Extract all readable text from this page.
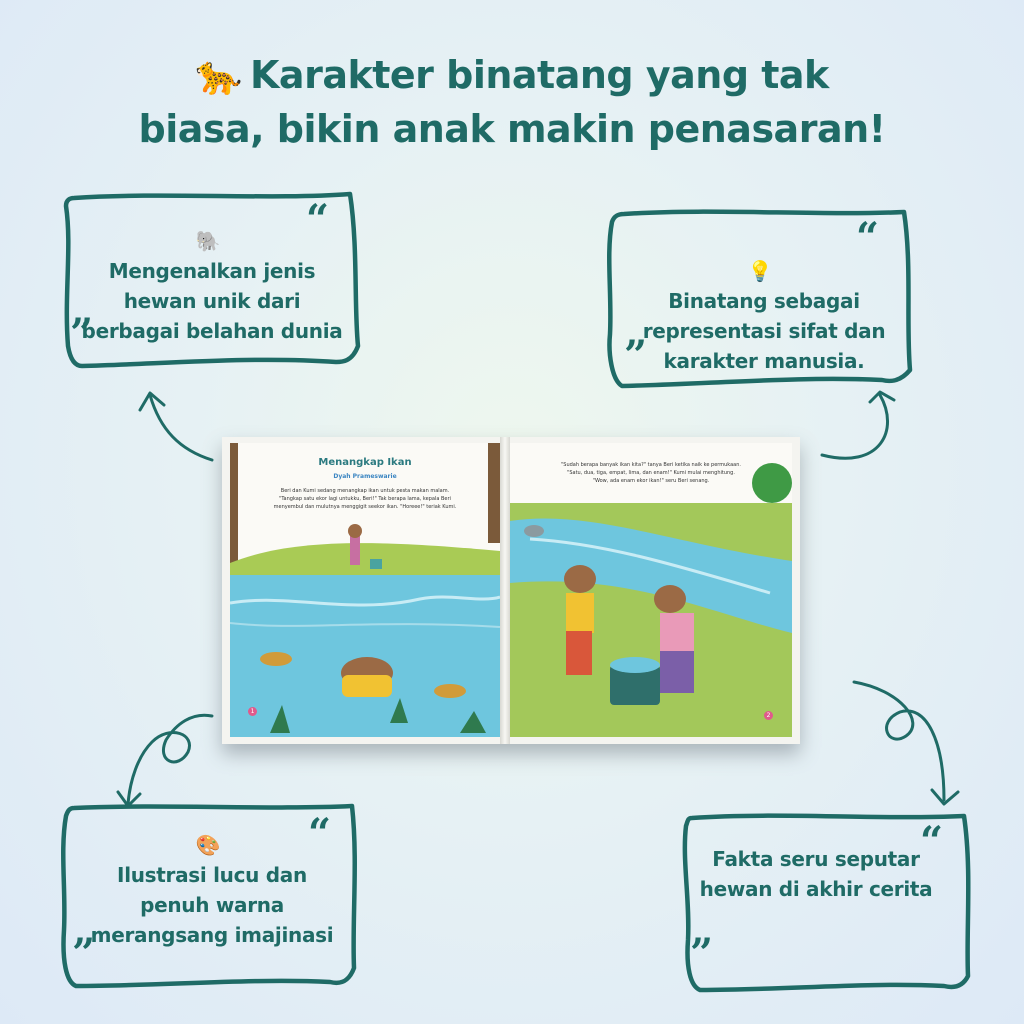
🐆 Karakter binatang yang tak
biasa, bikin anak makin penasaran!
“
🐘
Mengenalkan jenis
hewan unik dari
berbagai belahan dunia
”
“
💡
Binatang sebagai
representasi sifat dan
karakter manusia.
”
“
🎨
Ilustrasi lucu dan
penuh warna
merangsang imajinasi
”
“
Fakta seru seputar
hewan di akhir cerita
”
Menangkap Ikan
Dyah Prameswarie
Beri dan Kumi sedang menangkap ikan untuk pesta makan malam.
"Tangkap satu ekor lagi untukku, Beri!" Tak berapa lama, kepala Beri
menyembul dan mulutnya menggigit seekor ikan. "Horeee!" teriak Kumi.
1
"Sudah berapa banyak ikan kita?" tanya Beri ketika naik ke permukaan.
"Satu, dua, tiga, empat, lima, dan enam!" Kumi mulai menghitung.
"Wow, ada enam ekor ikan!" seru Beri senang.
2
